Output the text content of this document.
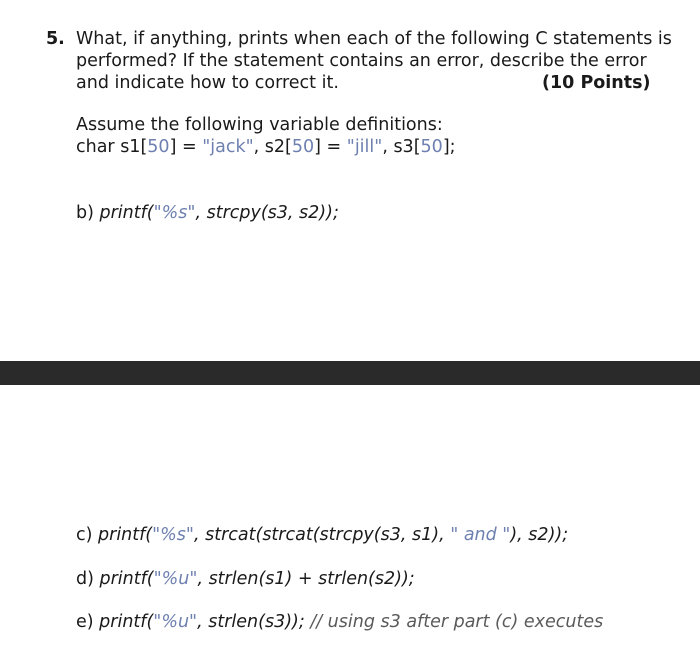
5. What, if anything, prints when each of the following C statements is
performed? If the statement contains an error, describe the error
and indicate how to correct it.	(10 Points)
Assume the following variable definitions:
char s1[50] = "jack", s2[50] = "jill", s3[50];
b) printf("%s", strcpy(s3, s2));
c) printf("%s", strcat(strcat(strcpy(s3, s1), " and "), s2));
d) printf("%u", strlen(s1) + strlen(s2));
e) printf("%u", strlen(s3)); // using s3 after part (c) executes
